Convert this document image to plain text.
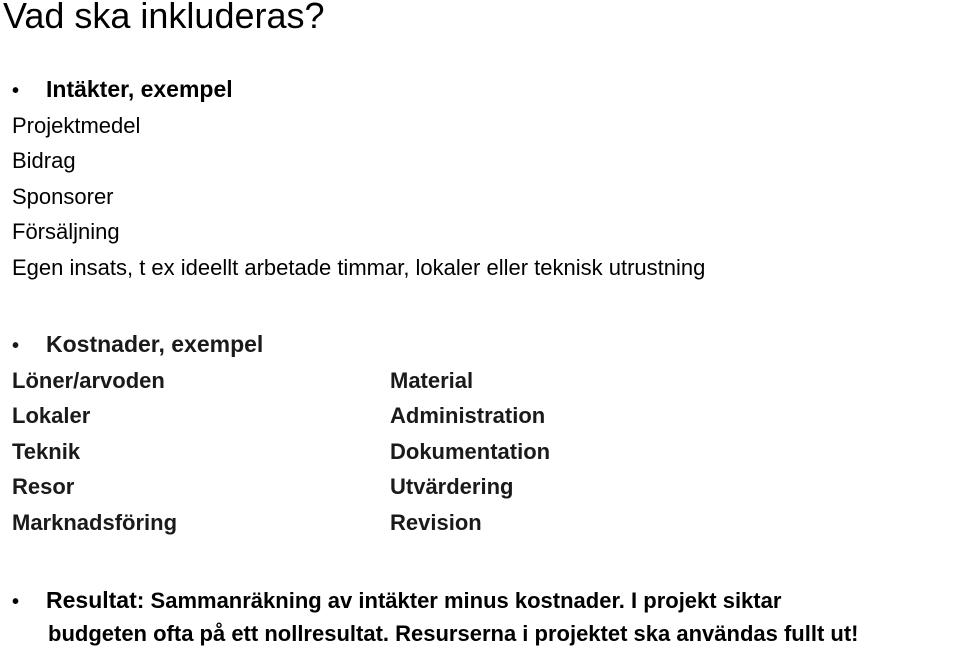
Vad ska inkluderas?
• Intäkter, exempel
Projektmedel
Bidrag
Sponsorer
Försäljning
Egen insats, t ex ideellt arbetade timmar, lokaler eller teknisk utrustning
• Kostnader, exempel
Löner/arvoden
Lokaler
Teknik
Resor
Marknadsföring
Material
Administration
Dokumentation
Utvärdering
Revision
• Resultat: Sammanräkning av intäkter minus kostnader. I projekt siktar
budgeten ofta på ett nollresultat. Resurserna i projektet ska användas fullt ut!
